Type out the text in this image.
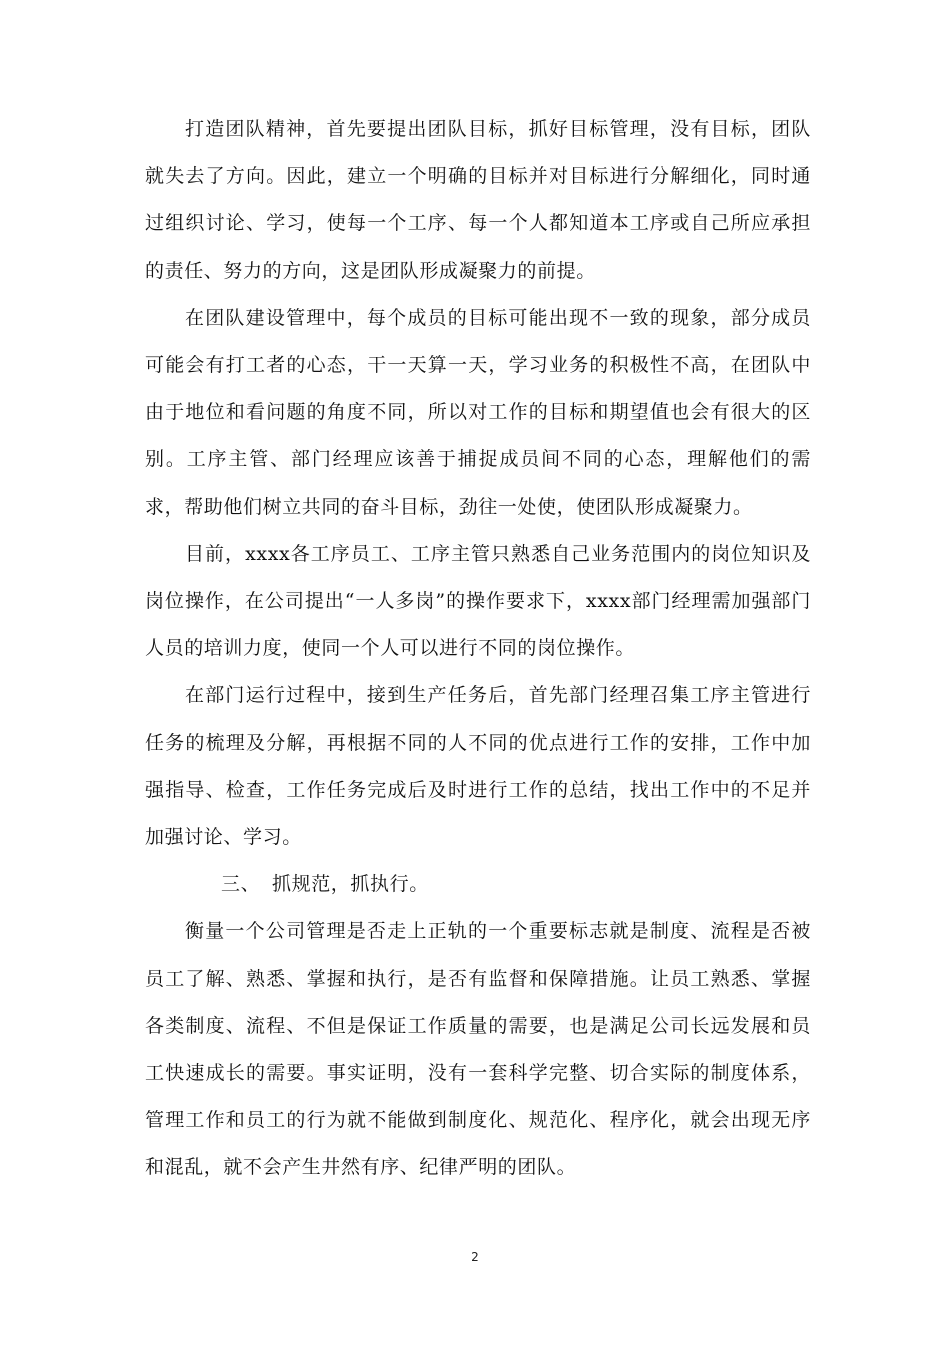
打造团队精神，首先要提出团队目标，抓好目标管理，没有目标，团队就失去了方向。因此，建立一个明确的目标并对目标进行分解细化，同时通过组织讨论、学习，使每一个工序、每一个人都知道本工序或自己所应承担的责任、努力的方向，这是团队形成凝聚力的前提。

在团队建设管理中，每个成员的目标可能出现不一致的现象，部分成员可能会有打工者的心态，干一天算一天，学习业务的积极性不高，在团队中由于地位和看问题的角度不同，所以对工作的目标和期望值也会有很大的区别。工序主管、部门经理应该善于捕捉成员间不同的心态，理解他们的需求，帮助他们树立共同的奋斗目标，劲往一处使，使团队形成凝聚力。

目前，xxxx各工序员工、工序主管只熟悉自己业务范围内的岗位知识及岗位操作，在公司提出“一人多岗”的操作要求下，xxxx部门经理需加强部门人员的培训力度，使同一个人可以进行不同的岗位操作。

在部门运行过程中，接到生产任务后，首先部门经理召集工序主管进行任务的梳理及分解，再根据不同的人不同的优点进行工作的安排，工作中加强指导、检查，工作任务完成后及时进行工作的总结，找出工作中的不足并加强讨论、学习。

三、 抓规范，抓执行。

衡量一个公司管理是否走上正轨的一个重要标志就是制度、流程是否被员工了解、熟悉、掌握和执行，是否有监督和保障措施。让员工熟悉、掌握各类制度、流程、不但是保证工作质量的需要，也是满足公司长远发展和员工快速成长的需要。事实证明，没有一套科学完整、切合实际的制度体系，管理工作和员工的行为就不能做到制度化、规范化、程序化，就会出现无序和混乱，就不会产生井然有序、纪律严明的团队。

2
